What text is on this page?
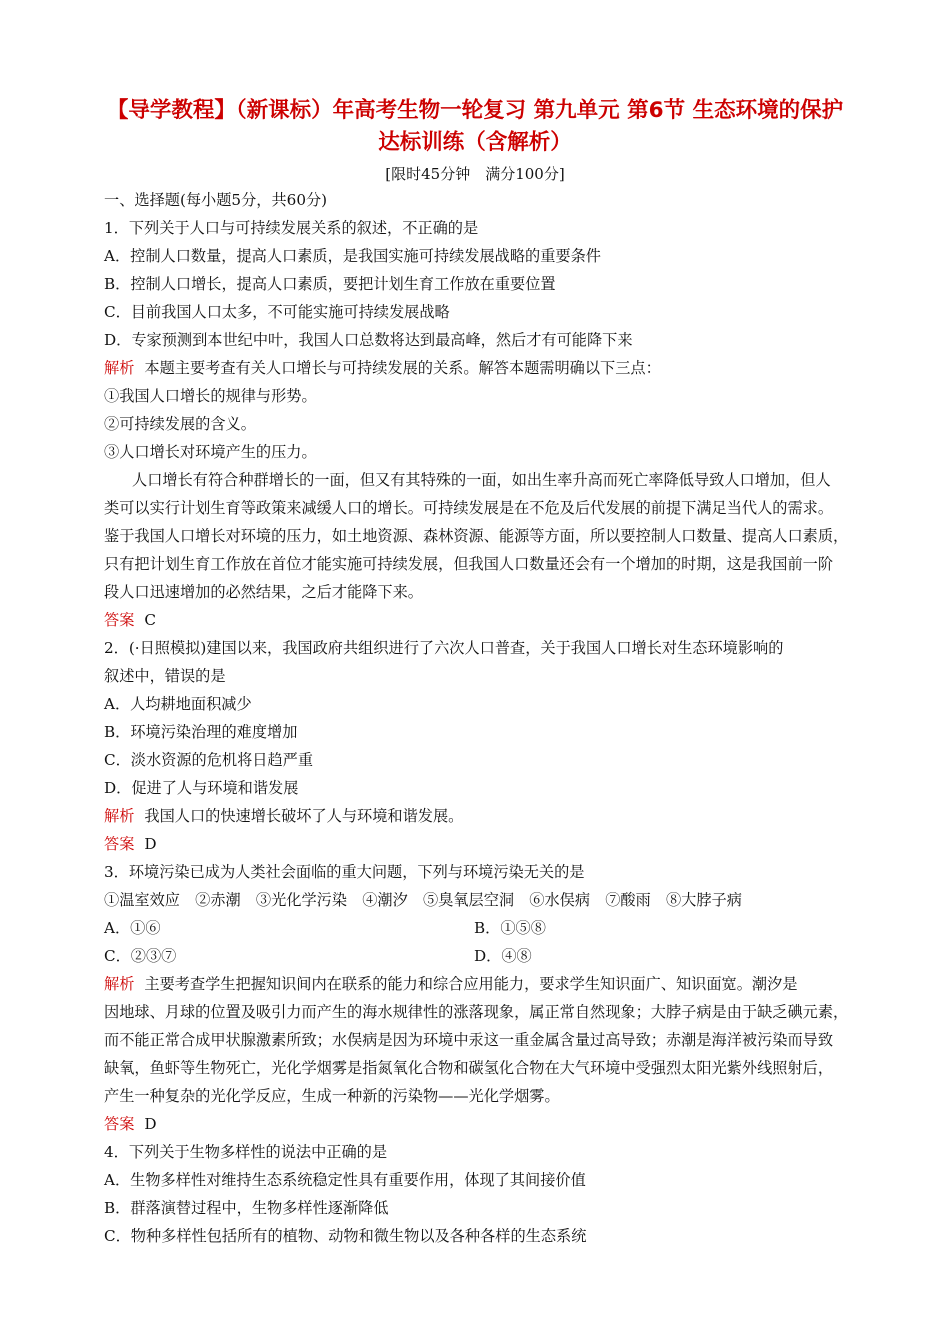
【导学教程】（新课标）年高考生物一轮复习 第九单元 第6节 生态环境的保护
达标训练（含解析）
[限时45分钟　满分100分]
一、选择题(每小题5分，共60分)
1．下列关于人口与可持续发展关系的叙述，不正确的是
A．控制人口数量，提高人口素质，是我国实施可持续发展战略的重要条件
B．控制人口增长，提高人口素质，要把计划生育工作放在重要位置
C．目前我国人口太多，不可能实施可持续发展战略
D．专家预测到本世纪中叶，我国人口总数将达到最高峰，然后才有可能降下来
解析 本题主要考查有关人口增长与可持续发展的关系。解答本题需明确以下三点：
①我国人口增长的规律与形势。
②可持续发展的含义。
③人口增长对环境产生的压力。
人口增长有符合种群增长的一面，但又有其特殊的一面，如出生率升高而死亡率降低导致人口增加，但人
类可以实行计划生育等政策来减缓人口的增长。可持续发展是在不危及后代发展的前提下满足当代人的需求。
鉴于我国人口增长对环境的压力，如土地资源、森林资源、能源等方面，所以要控制人口数量、提高人口素质，
只有把计划生育工作放在首位才能实施可持续发展，但我国人口数量还会有一个增加的时期，这是我国前一阶
段人口迅速增加的必然结果，之后才能降下来。
答案 C
2．(·日照模拟)建国以来，我国政府共组织进行了六次人口普查，关于我国人口增长对生态环境影响的
叙述中，错误的是
A．人均耕地面积减少
B．环境污染治理的难度增加
C．淡水资源的危机将日趋严重
D．促进了人与环境和谐发展
解析 我国人口的快速增长破坏了人与环境和谐发展。
答案 D
3．环境污染已成为人类社会面临的重大问题，下列与环境污染无关的是
①温室效应　②赤潮　③光化学污染　④潮汐　⑤臭氧层空洞　⑥水俣病　⑦酸雨　⑧大脖子病
A．①⑥	B．①⑤⑧
C．②③⑦	D．④⑧
解析 主要考查学生把握知识间内在联系的能力和综合应用能力，要求学生知识面广、知识面宽。潮汐是
因地球、月球的位置及吸引力而产生的海水规律性的涨落现象，属正常自然现象；大脖子病是由于缺乏碘元素，
而不能正常合成甲状腺激素所致；水俣病是因为环境中汞这一重金属含量过高导致；赤潮是海洋被污染而导致
缺氧，鱼虾等生物死亡，光化学烟雾是指氮氧化合物和碳氢化合物在大气环境中受强烈太阳光紫外线照射后，
产生一种复杂的光化学反应，生成一种新的污染物——光化学烟雾。
答案 D
4．下列关于生物多样性的说法中正确的是
A．生物多样性对维持生态系统稳定性具有重要作用，体现了其间接价值
B．群落演替过程中，生物多样性逐渐降低
C．物种多样性包括所有的植物、动物和微生物以及各种各样的生态系统
